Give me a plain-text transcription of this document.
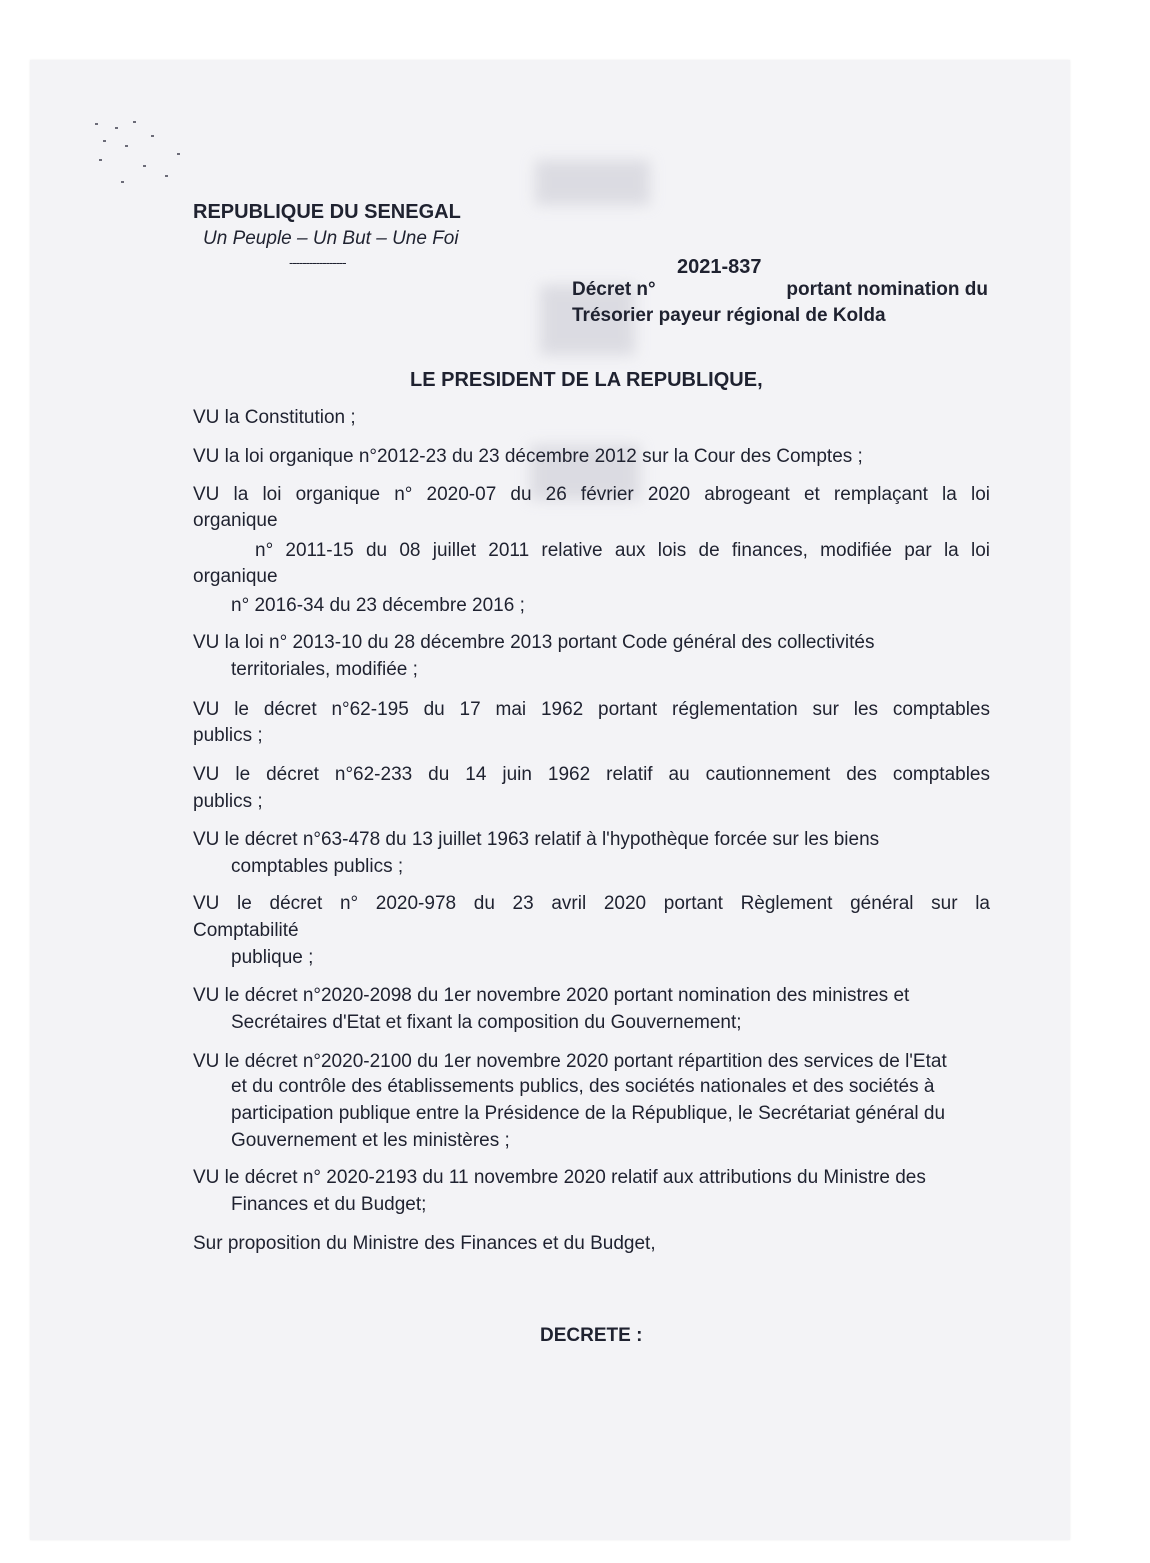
REPUBLIQUE DU SENEGAL
Un Peuple – Un But – Une Foi
-----------------	2021-837
Décret n°	portant nomination du
Trésorier payeur régional de Kolda
LE PRESIDENT DE LA REPUBLIQUE,
VU la Constitution ;
VU la loi organique n°2012-23 du 23 décembre 2012 sur la Cour des Comptes ;
VU la loi organique n° 2020-07 du 26 février 2020 abrogeant et remplaçant la loi
organique
n° 2011-15 du 08 juillet 2011 relative aux lois de finances, modifiée par la loi
organique
n° 2016-34 du 23 décembre 2016 ;
VU la loi n° 2013-10 du 28 décembre 2013 portant Code général des collectivités
territoriales, modifiée ;
VU le décret n°62-195 du 17 mai 1962 portant réglementation sur les comptables
publics ;
VU le décret n°62-233 du 14 juin 1962 relatif au cautionnement des comptables
publics ;
VU le décret n°63-478 du 13 juillet 1963 relatif à l'hypothèque forcée sur les biens
comptables publics ;
VU le décret n° 2020-978 du 23 avril 2020 portant Règlement général sur la
Comptabilité
publique ;
VU le décret n°2020-2098 du 1er novembre 2020 portant nomination des ministres et
Secrétaires d'Etat et fixant la composition du Gouvernement;
VU le décret n°2020-2100 du 1er novembre 2020 portant répartition des services de l'Etat
et du contrôle des établissements publics, des sociétés nationales et des sociétés à
participation publique entre la Présidence de la République, le Secrétariat général du
Gouvernement et les ministères ;
VU le décret n° 2020-2193 du 11 novembre 2020 relatif aux attributions du Ministre des
Finances et du Budget;
Sur proposition du Ministre des Finances et du Budget,
DECRETE :
